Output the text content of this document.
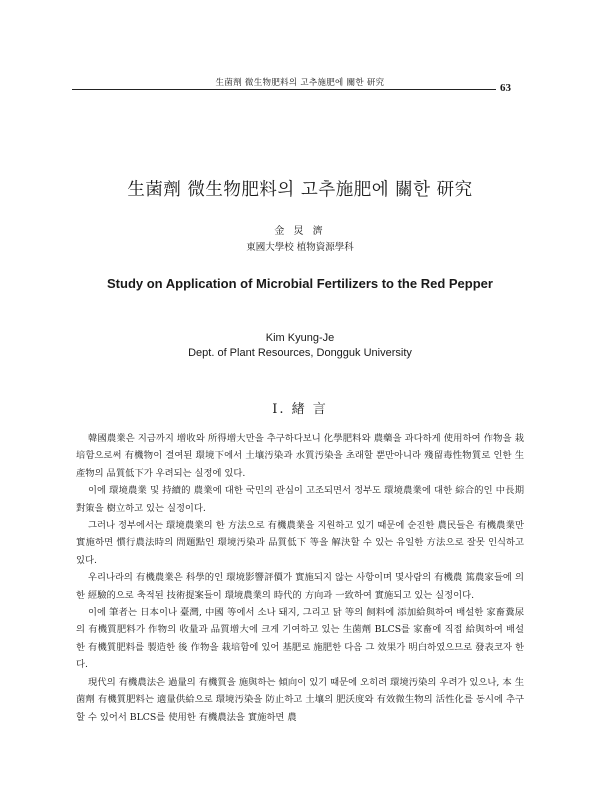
生菌劑 微生物肥料의 고추施肥에 關한 研究	63
生菌劑 微生物肥料의 고추施肥에 關한 研究
金 炅 濟
東國大學校 植物資源學科
Study on Application of Microbial Fertilizers to the Red Pepper
Kim Kyung-Je
Dept. of Plant Resources, Dongguk University
I. 緖 言

韓國農業은 지금까지 增收와 所得增大만을 추구하다보니 化學肥料와 農藥을 과다하게 使用하여 作物을 栽培함으로써 有機物이 결여된 環境下에서 土壤汚染과 水質汚染을 초래할 뿐만아니라 殘留毒性物質로 인한 生產物의 品質低下가 우려되는 실정에 있다.

이에 環境農業 및 持續的 農業에 대한 국민의 관심이 고조되면서 정부도 環境農業에 대한 綜合的인 中長期對策을 樹立하고 있는 실정이다.

그러나 정부에서는 環境農業의 한 方法으로 有機農業을 지원하고 있기 때문에 순진한 農民들은 有機農業만 實施하면 慣行農法時의 問題點인 環境汚染과 品質低下 等을 解決할 수 있는 유일한 方法으로 잘못 인식하고 있다.

우리나라의 有機農業은 科學的인 環境影響評價가 實施되지 않는 사항이며 몇사람의 有機農 篤農家들에 의한 經驗的으로 축적된 技術提案들이 環境農業의 時代的 方向과 一致하여 實施되고 있는 실정이다.

이에 筆者는 日本이나 臺灣, 中國 等에서 소나 돼지, 그리고 닭 等의 飼料에 添加給與하여 배설한 家畜糞尿의 有機質肥料가 作物의 收量과 品質增大에 크게 기여하고 있는 生菌劑 BLCS를 家畜에 직접 給與하여 배설한 有機質肥料를 製造한 後 作物을 栽培함에 있어 基肥로 施肥한 다음 그 效果가 明白하였으므로 發表코자 한다.

現代의 有機農法은 過量의 有機質을 施與하는 傾向이 있기 때문에 오히려 環境汚染의 우려가 있으나, 本 生菌劑 有機質肥料는 適量供給으로 環境汚染을 防止하고 土壤의 肥沃度와 有效微生物의 活性化를 동시에 추구할 수 있어서 BLCS를 使用한 有機農法을 實施하면 農
